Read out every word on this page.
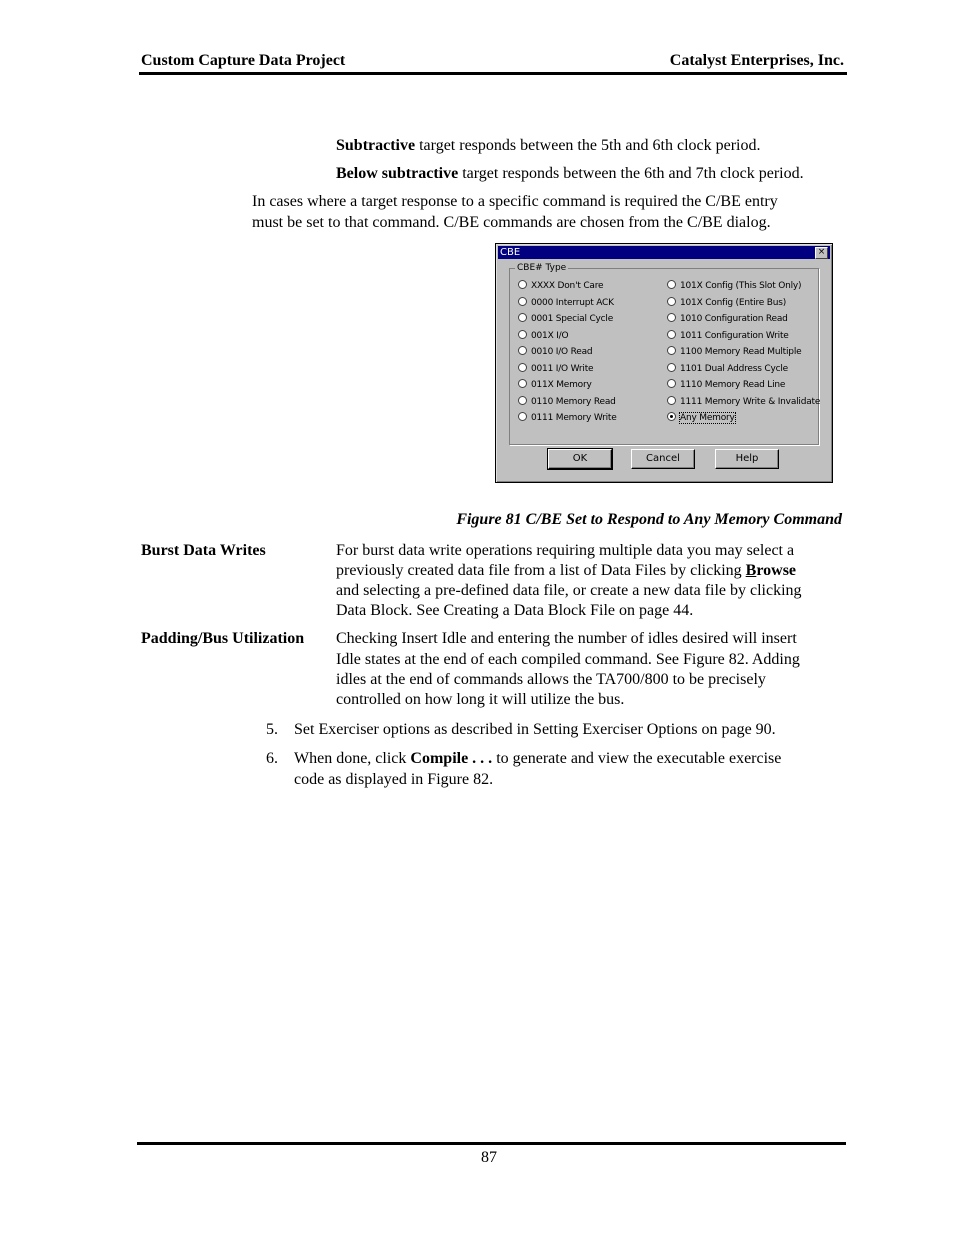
Custom Capture Data Project	Catalyst Enterprises, Inc.
Subtractive target responds between the 5th and 6th clock period.
Below subtractive target responds between the 6th and 7th clock period.
In cases where a target response to a specific command is required the C/BE entry
must be set to that command. C/BE commands are chosen from the C/BE dialog.
CBE	×
CBE# Type
XXXX Don't Care
0000 Interrupt ACK
0001 Special Cycle
001X I/O
0010 I/O Read
0011 I/O Write
011X Memory
0110 Memory Read
0111 Memory Write
101X Config (This Slot Only)
101X Config (Entire Bus)
1010 Configuration Read
1011 Configuration Write
1100 Memory Read Multiple
1101 Dual Address Cycle
1110 Memory Read Line
1111 Memory Write & Invalidate
Any Memory
OK	Cancel	Help
Figure 81 C/BE Set to Respond to Any Memory Command
Burst Data Writes	For burst data write operations requiring multiple data you may select a
previously created data file from a list of Data Files by clicking Browse
and selecting a pre-defined data file, or create a new data file by clicking
Data Block. See Creating a Data Block File on page 44.
Padding/Bus Utilization Checking Insert Idle and entering the number of idles desired will insert
Idle states at the end of each compiled command. See Figure 82. Adding
idles at the end of commands allows the TA700/800 to be precisely
controlled on how long it will utilize the bus.
5. Set Exerciser options as described in Setting Exerciser Options on page 90.
6. When done, click Compile . . . to generate and view the executable exercise
code as displayed in Figure 82.
87
